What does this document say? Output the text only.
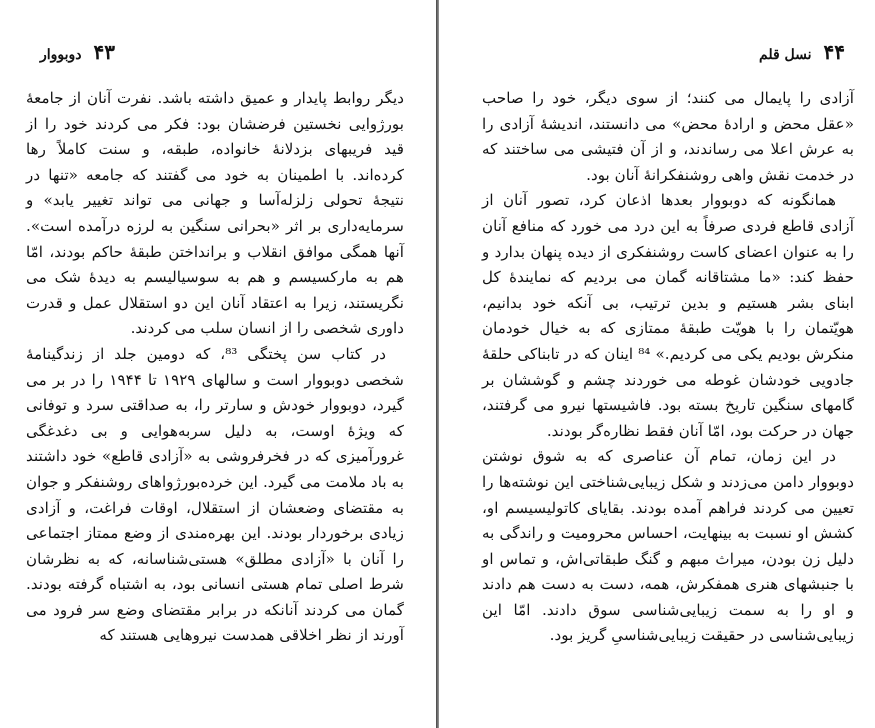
۴۳
دوبووار

دیگر روابط پایدار و عمیق داشته باشد. نفرت آنان از جامعهٔ بورژوایی نخستین فرضشان بود: فکر می کردند خود را از قید فریبهای بزدلانهٔ خانواده، طبقه، و سنت کاملاً رها کرده‌اند. با اطمینان به خود می گفتند که جامعه «تنها در نتیجهٔ تحولی زلزله‌آسا و جهانی می تواند تغییر یابد» و سرمایه‌داری بر اثر «بحرانی سنگین به لرزه درآمده است». آنها همگی موافق انقلاب و برانداختن طبقهٔ حاکم بودند، امّا هم به مارکسیسم و هم به سوسیالیسم به دیدهٔ شک می نگریستند، زیرا به اعتقاد آنان این دو استقلال عمل و قدرت داوری شخصی را از انسان سلب می کردند.

در کتاب سن پختگی ⁸³، که دومین جلد از زندگینامهٔ شخصی دوبووار است و سالهای ۱۹۲۹ تا ۱۹۴۴ را در بر می گیرد، دوبووار خودش و سارتر را، به صداقتی سرد و توفانی که ویژهٔ اوست، به دلیل سربه‌هوایی و بی دغدغگی غرورآمیزی که در فخرفروشی به «آزادی قاطع» خود داشتند به باد ملامت می گیرد. این خرده‌بورژواهای روشنفکر و جوان به مقتضای وضعشان از استقلال، اوقات فراغت، و آزادی زیادی برخوردار بودند. این بهره‌مندی از وضع ممتاز اجتماعی را آنان با «آزادی مطلق» هستی‌شناسانه، که به نظرشان شرط اصلی تمام هستی انسانی بود، به اشتباه گرفته بودند. گمان می کردند آنانکه در برابر مقتضای وضع سر فرود می آورند از نظر اخلاقی همدست نیروهایی هستند که

۴۴
نسل قلم

آزادی را پایمال می کنند؛ از سوی دیگر، خود را صاحب «عقل محض و ارادهٔ محض» می دانستند، اندیشهٔ آزادی را به عرش اعلا می رساندند، و از آن فتیشی می ساختند که در خدمت نقش واهی روشنفکرانهٔ آنان بود.

همانگونه که دوبووار بعدها اذعان کرد، تصور آنان از آزادی قاطع فردی صرفاً به این درد می خورد که منافع آنان را به عنوان اعضای کاست روشنفکری از دیده پنهان بدارد و حفظ کند: «ما مشتاقانه گمان می بردیم که نمایندهٔ کل ابنای بشر هستیم و بدین ترتیب، بی آنکه خود بدانیم، هویّتمان را با هویّت طبقهٔ ممتازی که به خیال خودمان منکرش بودیم یکی می کردیم.» ⁸⁴ اینان که در تابناکی حلقهٔ جادویی خودشان غوطه می خوردند چشم و گوششان بر گامهای سنگین تاریخ بسته بود. فاشیستها نیرو می گرفتند، جهان در حرکت بود، امّا آنان فقط نظاره‌گر بودند.

در این زمان، تمام آن عناصری که به شوق نوشتن دوبووار دامن می‌زدند و شکل زیبایی‌شناختی این نوشته‌ها را تعیین می کردند فراهم آمده بودند. بقایای کاتولیسیسم او، کشش او نسبت به بینهایت، احساس محرومیت و راندگی به دلیل زن بودن، میراث مبهم و گنگ طبقاتی‌اش، و تماس او با جنبشهای هنری همفکرش، همه، دست به دست هم دادند و او را به سمت زیبایی‌شناسی سوق دادند. امّا این زیبایی‌شناسی در حقیقت زیبایی‌شناسیِ گریز بود.
